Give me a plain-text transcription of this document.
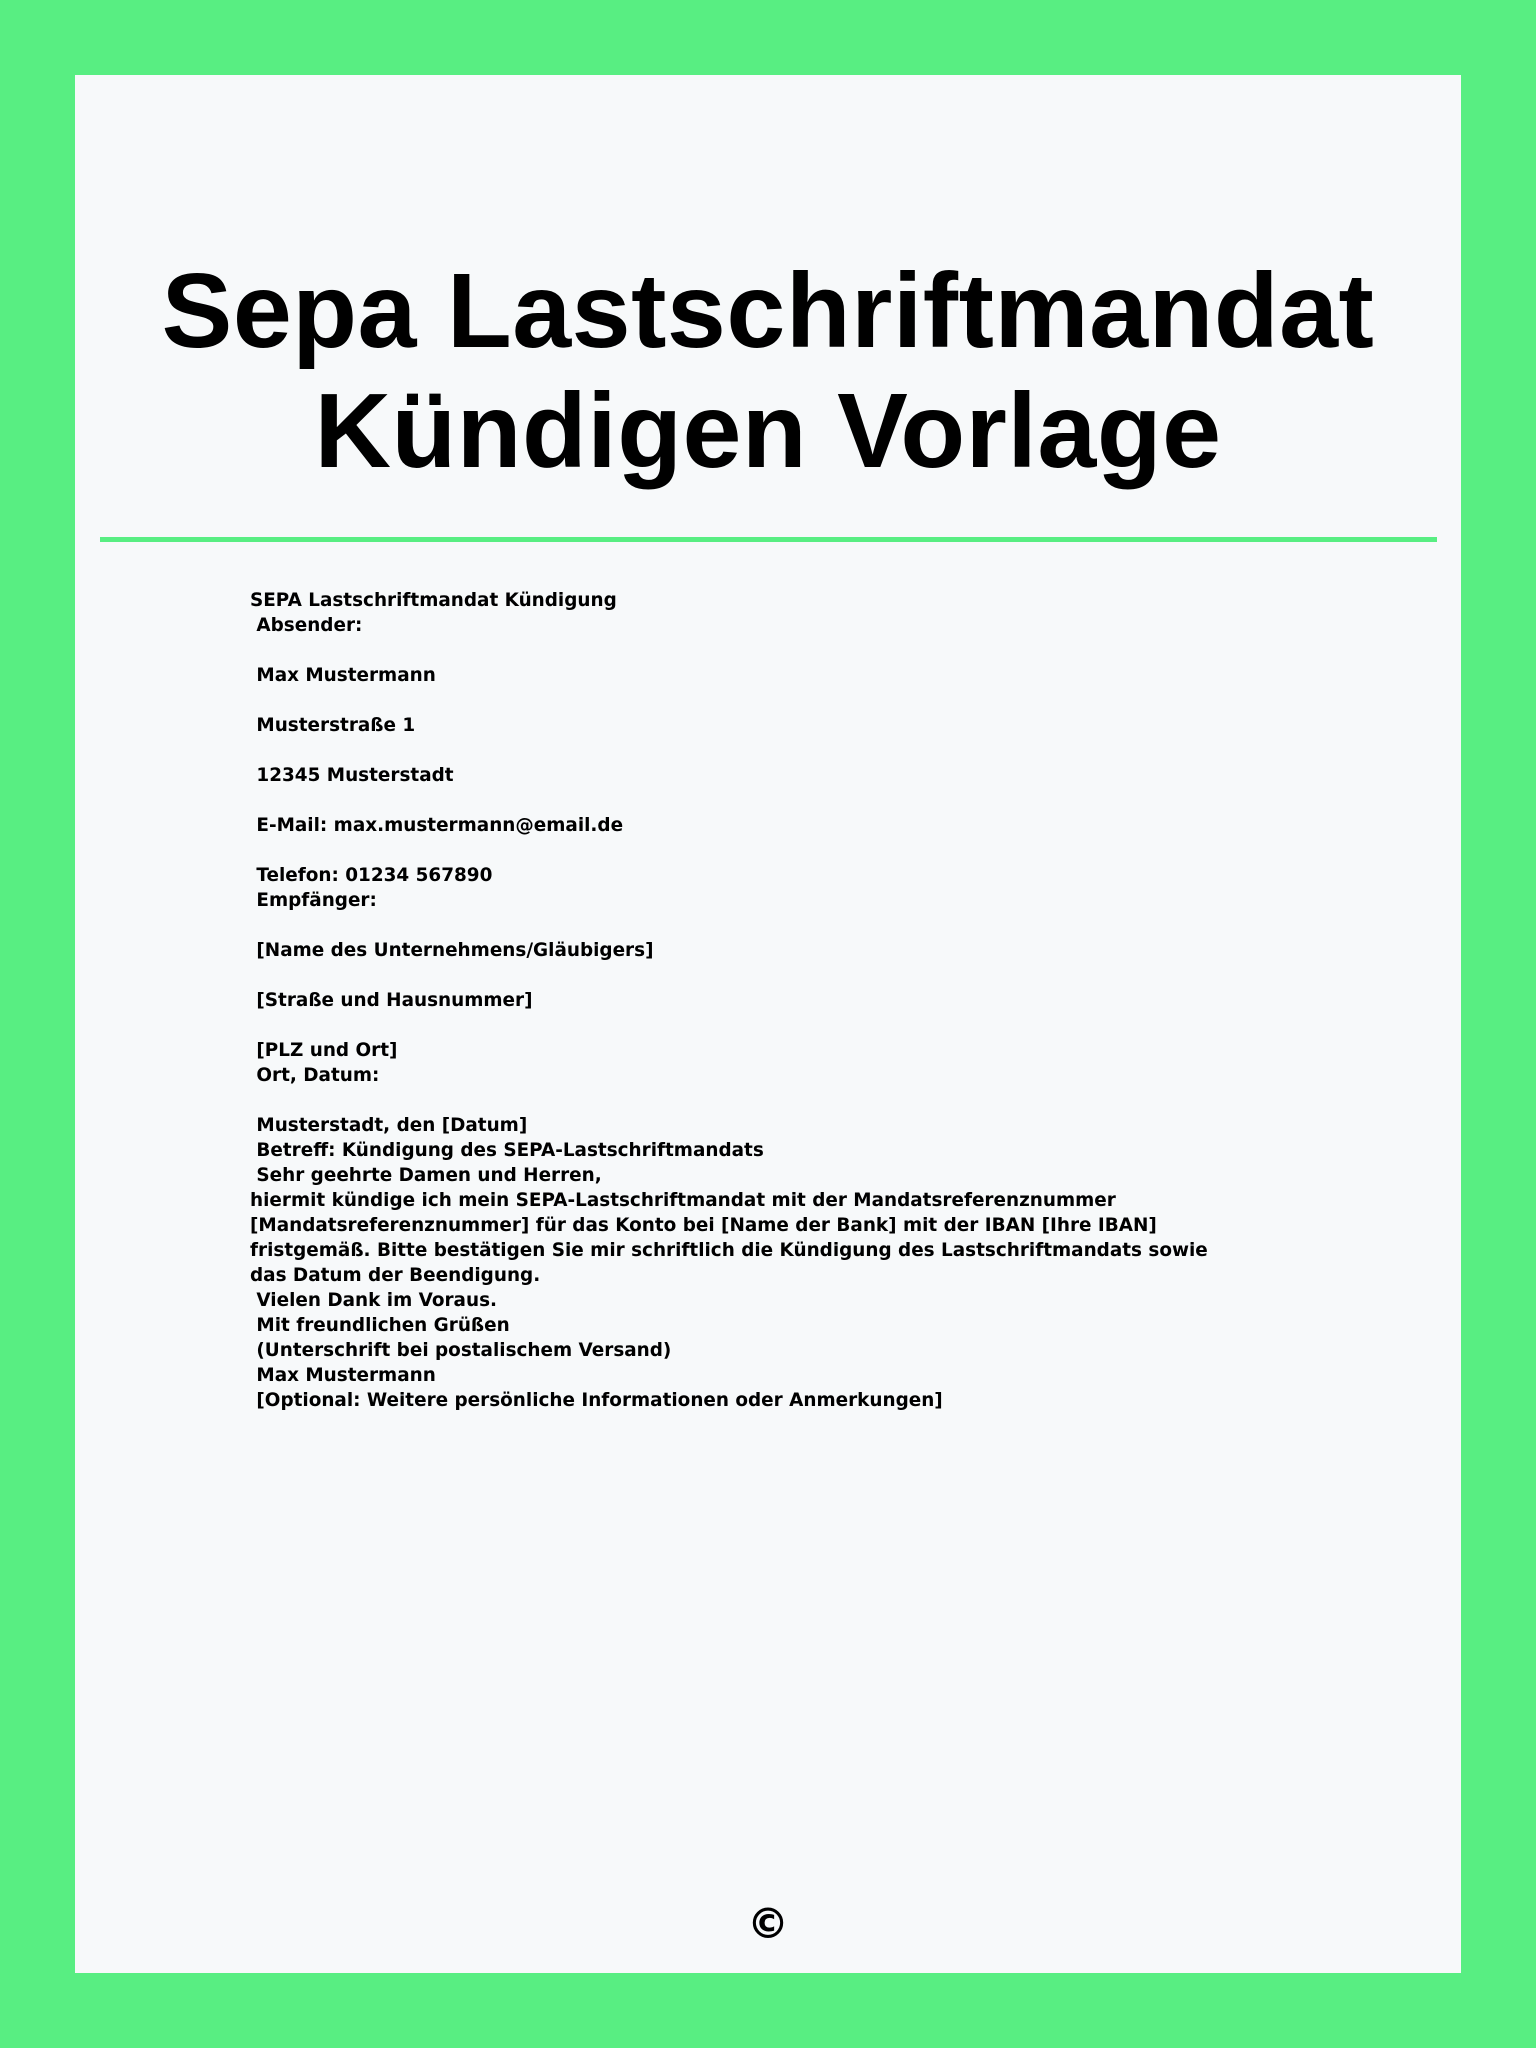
Sepa Lastschriftmandat
Kündigen Vorlage
SEPA Lastschriftmandat Kündigung
Absender:
Max Mustermann
Musterstraße 1
12345 Musterstadt
E-Mail: max.mustermann@email.de
Telefon: 01234 567890
Empfänger:
[Name des Unternehmens/Gläubigers]
[Straße und Hausnummer]
[PLZ und Ort]
Ort, Datum:
Musterstadt, den [Datum]
Betreff: Kündigung des SEPA-Lastschriftmandats
Sehr geehrte Damen und Herren,
hiermit kündige ich mein SEPA-Lastschriftmandat mit der Mandatsreferenznummer [Mandatsreferenznummer] für das Konto bei [Name der Bank] mit der IBAN [Ihre IBAN] fristgemäß. Bitte bestätigen Sie mir schriftlich die Kündigung des Lastschriftmandats sowie das Datum der Beendigung.
Vielen Dank im Voraus.
Mit freundlichen Grüßen
(Unterschrift bei postalischem Versand)
Max Mustermann
[Optional: Weitere persönliche Informationen oder Anmerkungen]
©
